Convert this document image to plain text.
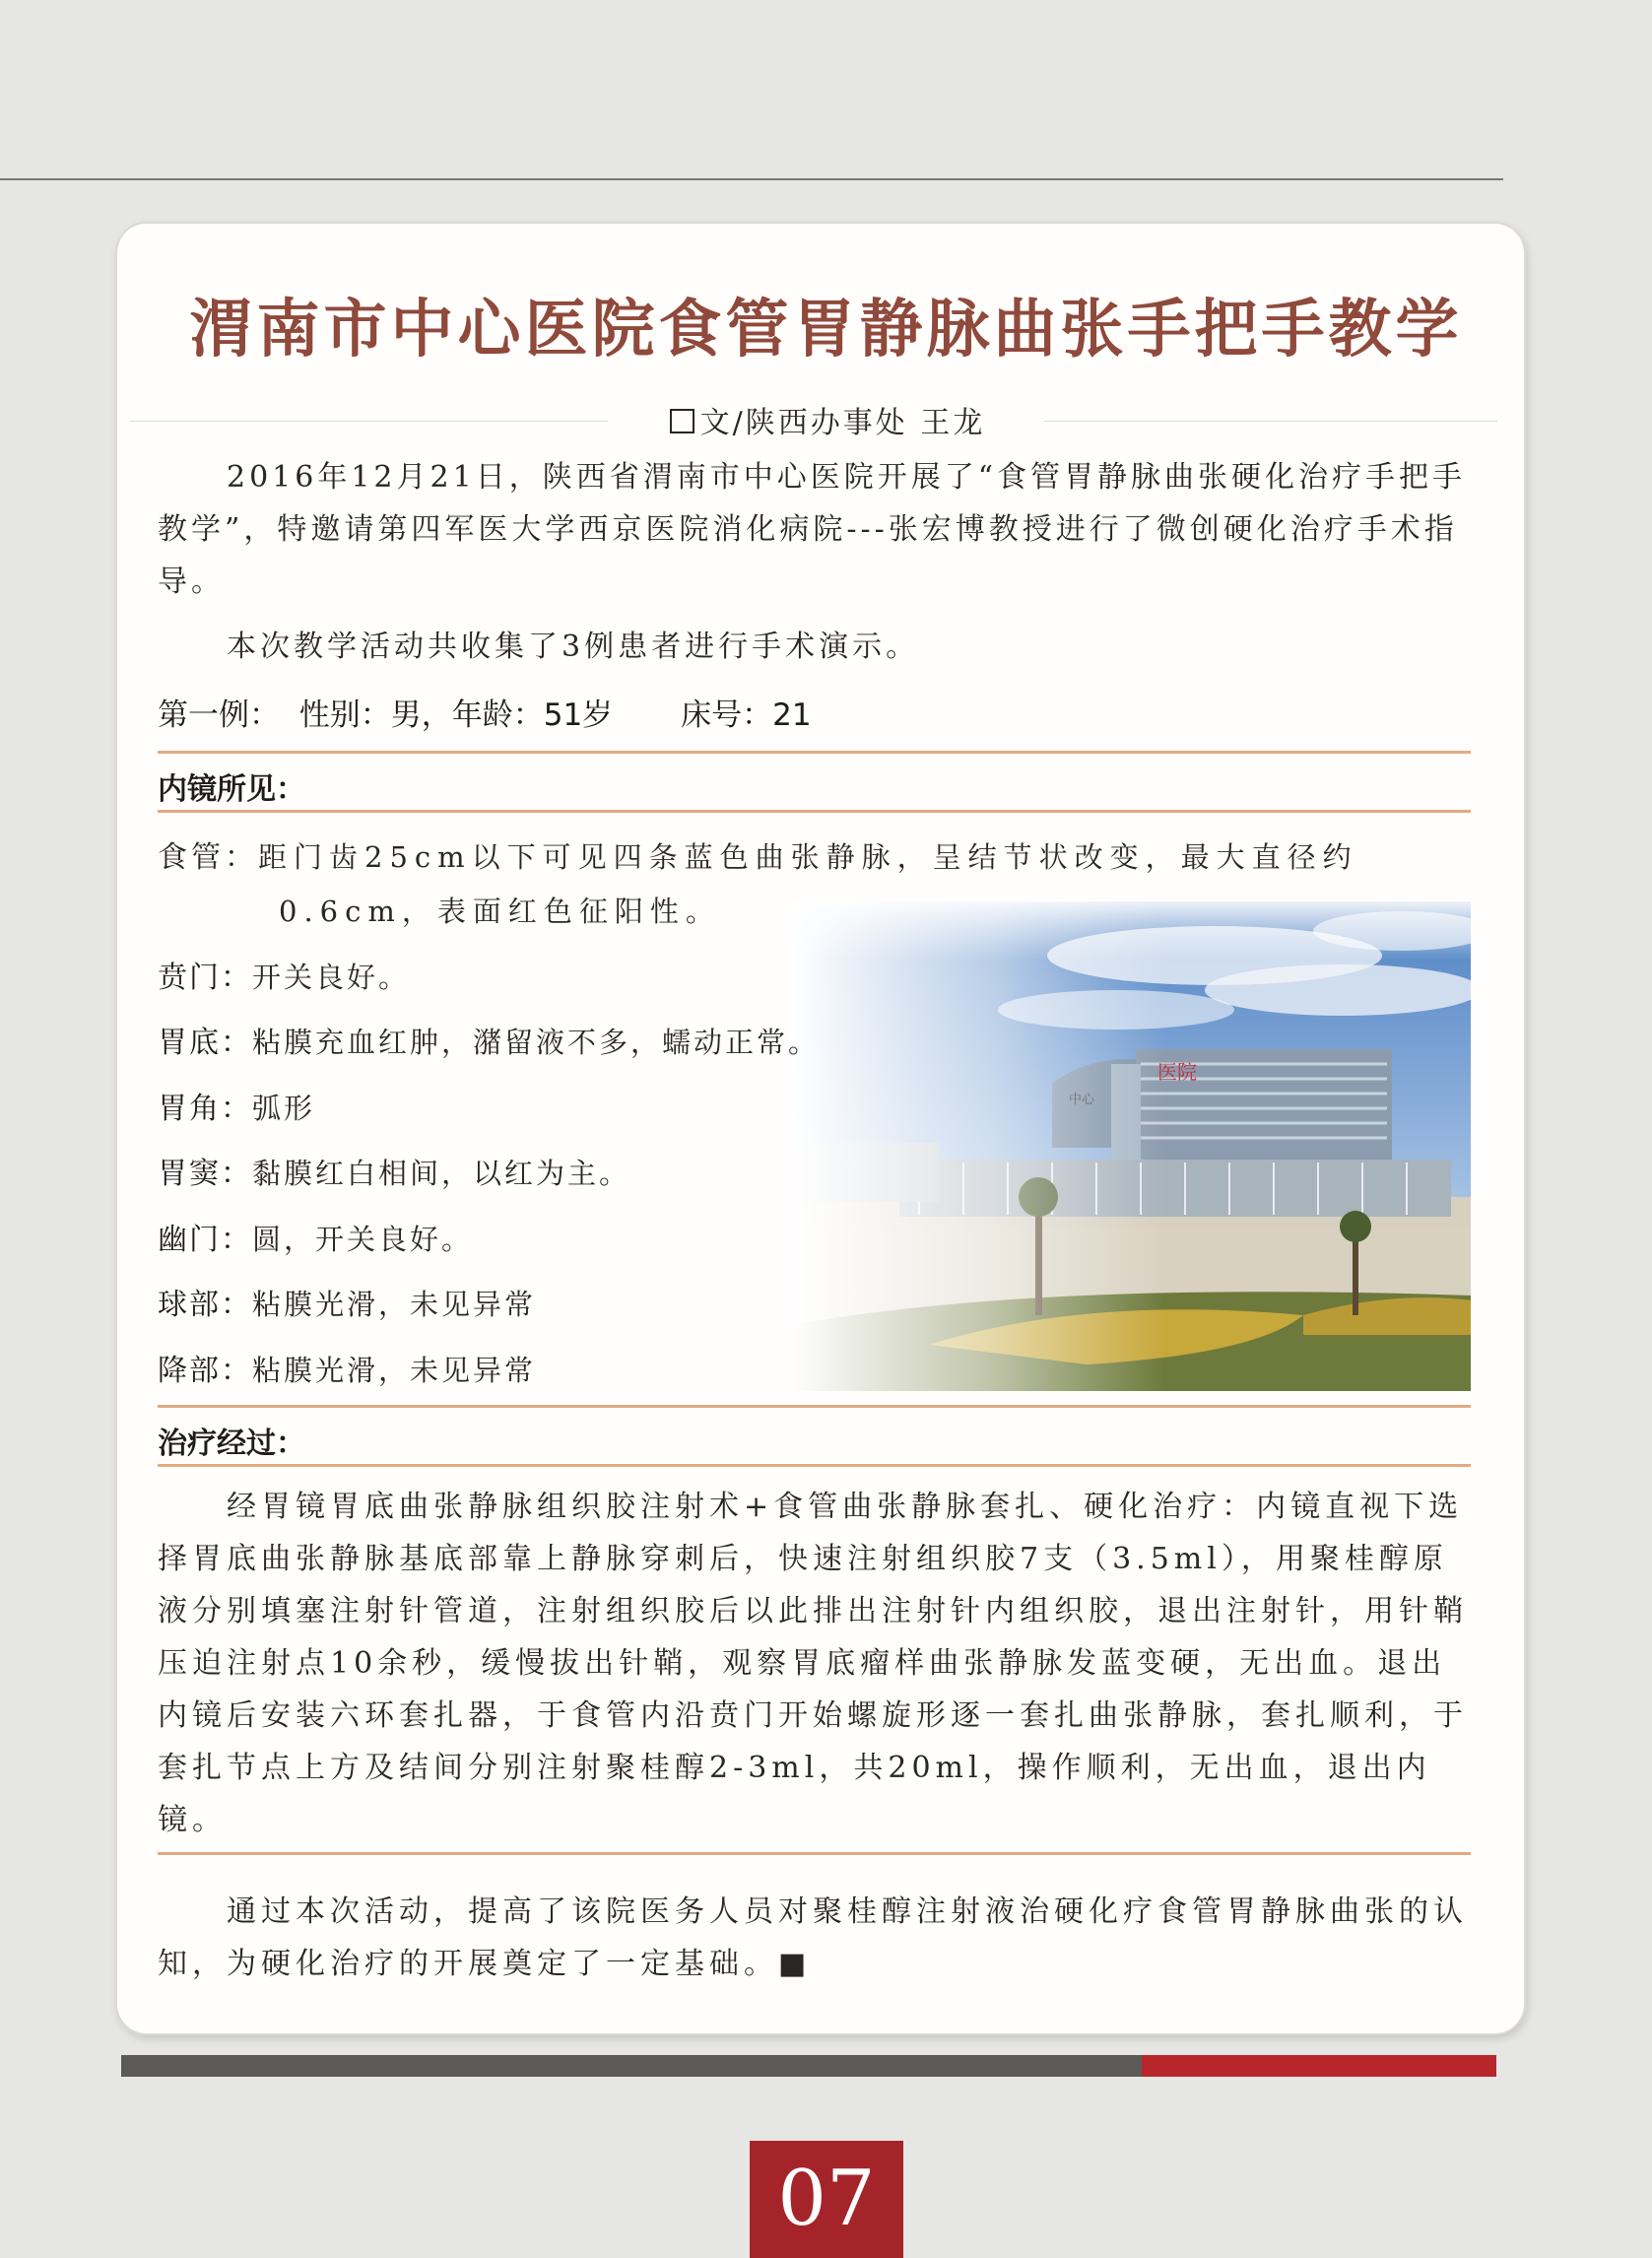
渭南市中心医院食管胃静脉曲张手把手教学
文/陕西办事处 王龙

2016年12月21日，陕西省渭南市中心医院开展了“食管胃静脉曲张硬化治疗手把手教学”，特邀请第四军医大学西京医院消化病院---张宏博教授进行了微创硬化治疗手术指导。

本次教学活动共收集了3例患者进行手术演示。

第一例： 性别：男，年龄：51岁 床号：21
内镜所见：
食管：距门齿25cm以下可见四条蓝色曲张静脉，呈结节状改变，最大直径约
0.6cm，表面红色征阳性。
贲门：开关良好。
胃底：粘膜充血红肿，潴留液不多，蠕动正常。
胃角：弧形
胃窦：黏膜红白相间，以红为主。
幽门：圆，开关良好。
球部：粘膜光滑，未见异常
降部：粘膜光滑，未见异常
治疗经过：

经胃镜胃底曲张静脉组织胶注射术+食管曲张静脉套扎、硬化治疗：内镜直视下选择胃底曲张静脉基底部靠上静脉穿刺后，快速注射组织胶7支（3.5ml），用聚桂醇原液分别填塞注射针管道，注射组织胶后以此排出注射针内组织胶，退出注射针，用针鞘压迫注射点10余秒，缓慢拔出针鞘，观察胃底瘤样曲张静脉发蓝变硬，无出血。退出内镜后安装六环套扎器，于食管内沿贲门开始螺旋形逐一套扎曲张静脉，套扎顺利，于套扎节点上方及结间分别注射聚桂醇2-3ml，共20ml，操作顺利，无出血，退出内镜。

通过本次活动，提高了该院医务人员对聚桂醇注射液治硬化疗食管胃静脉曲张的认知，为硬化治疗的开展奠定了一定基础。■

07
